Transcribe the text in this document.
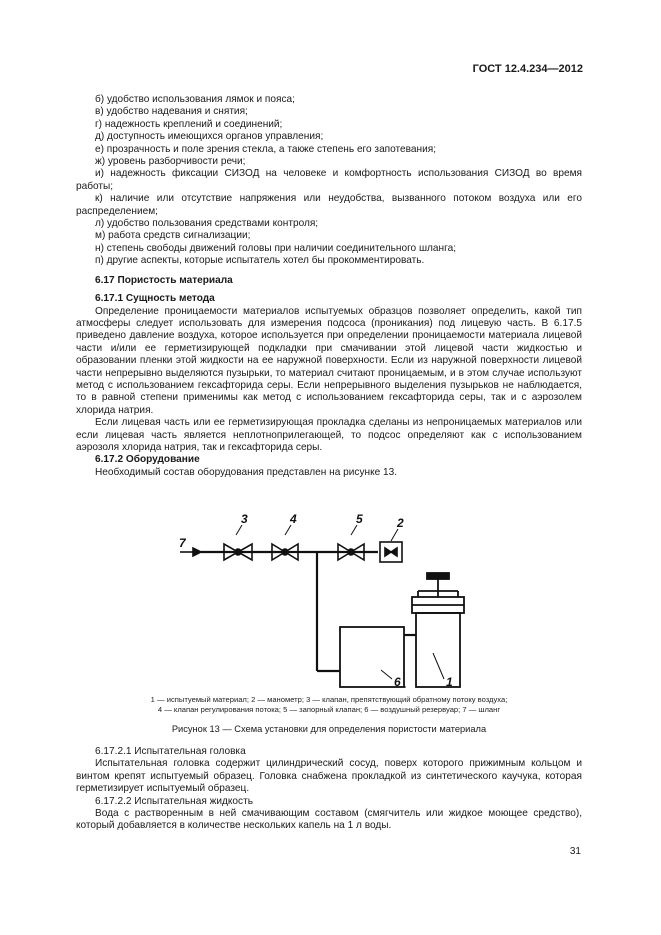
ГОСТ 12.4.234—2012

б) удобство использования лямок и пояса;

в) удобство надевания и снятия;

г) надежность креплений и соединений;

д) доступность имеющихся органов управления;

е) прозрачность и поле зрения стекла, а также степень его запотевания;

ж) уровень разборчивости речи;

и) надежность фиксации СИЗОД на человеке и комфортность использования СИЗОД во время работы;

к) наличие или отсутствие напряжения или неудобства, вызванного потоком воздуха или его распределением;

л) удобство пользования средствами контроля;

м) работа средств сигнализации;

н) степень свободы движений головы при наличии соединительного шланга;

п) другие аспекты, которые испытатель хотел бы прокомментировать.

6.17 Пористость материала

6.17.1 Сущность метода

Определение проницаемости материалов испытуемых образцов позволяет определить, какой тип атмосферы следует использовать для измерения подсоса (проникания) под лицевую часть. В 6.17.5 приведено давление воздуха, которое используется при определении проницаемости материала лицевой части и/или ее герметизирующей подкладки при смачивании этой лицевой части жидкостью и образовании пленки этой жидкости на ее наружной поверхности. Если из наружной поверхности лицевой части непрерывно выделяются пузырьки, то материал считают проницаемым, и в этом случае используют метод с использованием гексафторида серы. Если непрерывного выделения пузырьков не наблюдается, то в равной степени применимы как метод с использованием гексафторида серы, так и с аэрозолем хлорида натрия.

Если лицевая часть или ее герметизирующая прокладка сделаны из непроницаемых материалов или если лицевая часть является неплотноприлегающей, то подсос определяют как с использованием аэрозоля хлорида натрия, так и гексафторида серы.

6.17.2 Оборудование

Необходимый состав оборудования представлен на рисунке 13.

7
3	4	5	2
6	1
1 — испытуемый материал; 2 — манометр; 3 — клапан, препятствующий обратному потоку воздуха;
4 — клапан регулирования потока; 5 — запорный клапан; 6 — воздушный резервуар; 7 — шланг
Рисунок 13 — Схема установки для определения пористости материала

6.17.2.1 Испытательная головка

Испытательная головка содержит цилиндрический сосуд, поверх которого прижимным кольцом и винтом крепят испытуемый образец. Головка снабжена прокладкой из синтетического каучука, которая герметизирует испытуемый образец.

6.17.2.2 Испытательная жидкость

Вода с растворенным в ней смачивающим составом (смягчитель или жидкое моющее средство), который добавляется в количестве нескольких капель на 1 л воды.

31
